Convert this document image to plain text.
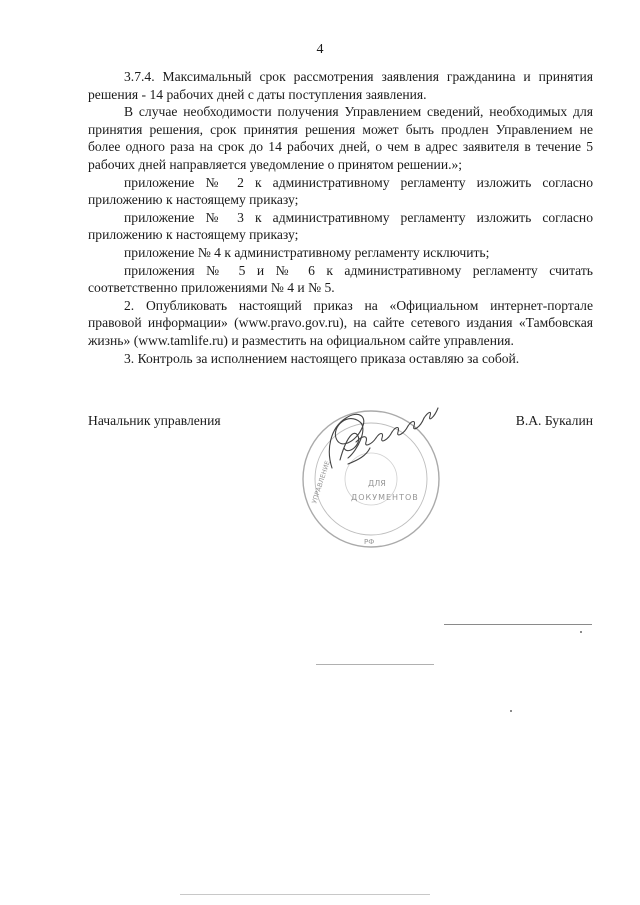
4

3.7.4. Максимальный срок рассмотрения заявления гражданина и принятия решения - 14 рабочих дней с даты поступления заявления.

В случае необходимости получения Управлением сведений, необходимых для принятия решения, срок принятия решения может быть продлен Управлением не более одного раза на срок до 14 рабочих дней, о чем в адрес заявителя в течение 5 рабочих дней направляется уведомление о принятом решении.»;

приложение № 2 к административному регламенту изложить согласно приложению к настоящему приказу;

приложение № 3 к административному регламенту изложить согласно приложению к настоящему приказу;

приложение № 4 к административному регламенту исключить;

приложения № 5 и № 6 к административному регламенту считать соответственно приложениями № 4 и № 5.

2. Опубликовать настоящий приказ на «Официальном интернет-портале правовой информации» (www.pravo.gov.ru), на сайте сетевого издания «Тамбовская жизнь» (www.tamlife.ru) и разместить на официальном сайте управления.

3. Контроль за исполнением настоящего приказа оставляю за собой.

Начальник управления	В.А. Букалин
ДЛЯ
ДОКУМЕНТОВ
РФ
УПРАВЛЕНИЕ
